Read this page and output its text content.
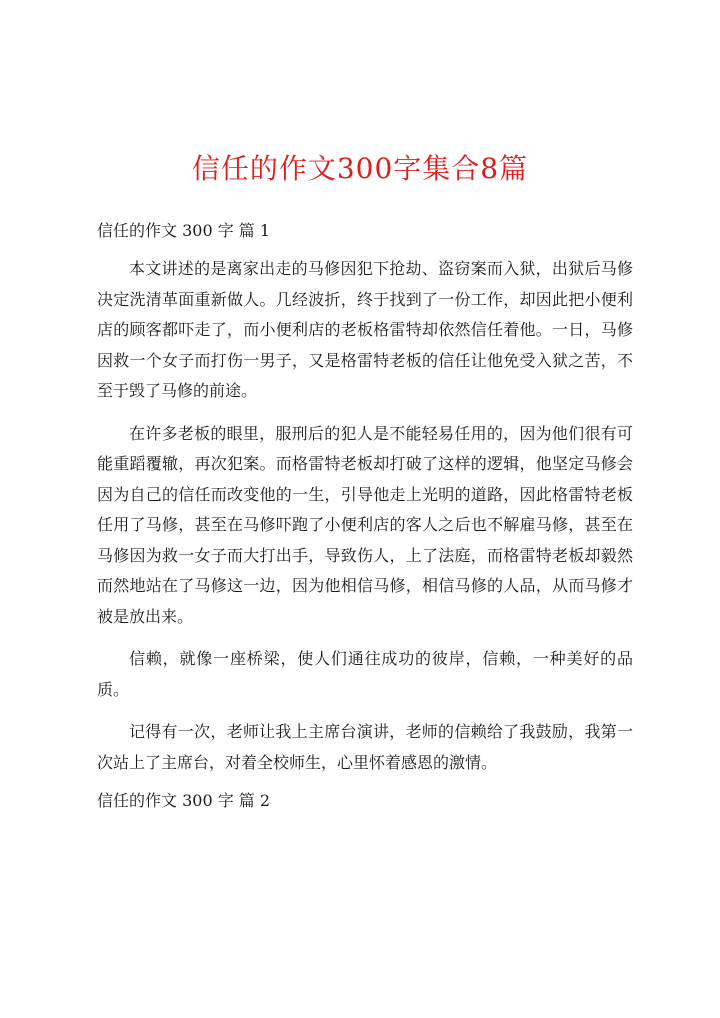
信任的作文300字集合8篇
信任的作文 300 字 篇 1

本文讲述的是离家出走的马修因犯下抢劫、盗窃案而入狱，出狱后马修决定洗清革面重新做人。几经波折，终于找到了一份工作，却因此把小便利店的顾客都吓走了，而小便利店的老板格雷特却依然信任着他。一日，马修因救一个女子而打伤一男子，又是格雷特老板的信任让他免受入狱之苦，不至于毁了马修的前途。

在许多老板的眼里，服刑后的犯人是不能轻易任用的，因为他们很有可能重蹈覆辙，再次犯案。而格雷特老板却打破了这样的逻辑，他坚定马修会因为自己的信任而改变他的一生，引导他走上光明的道路，因此格雷特老板任用了马修，甚至在马修吓跑了小便利店的客人之后也不解雇马修，甚至在马修因为救一女子而大打出手，导致伤人，上了法庭，而格雷特老板却毅然而然地站在了马修这一边，因为他相信马修，相信马修的人品，从而马修才被是放出来。

信赖，就像一座桥梁，使人们通往成功的彼岸，信赖，一种美好的品质。

记得有一次，老师让我上主席台演讲，老师的信赖给了我鼓励，我第一次站上了主席台，对着全校师生，心里怀着感恩的激情。

信任的作文 300 字 篇 2
